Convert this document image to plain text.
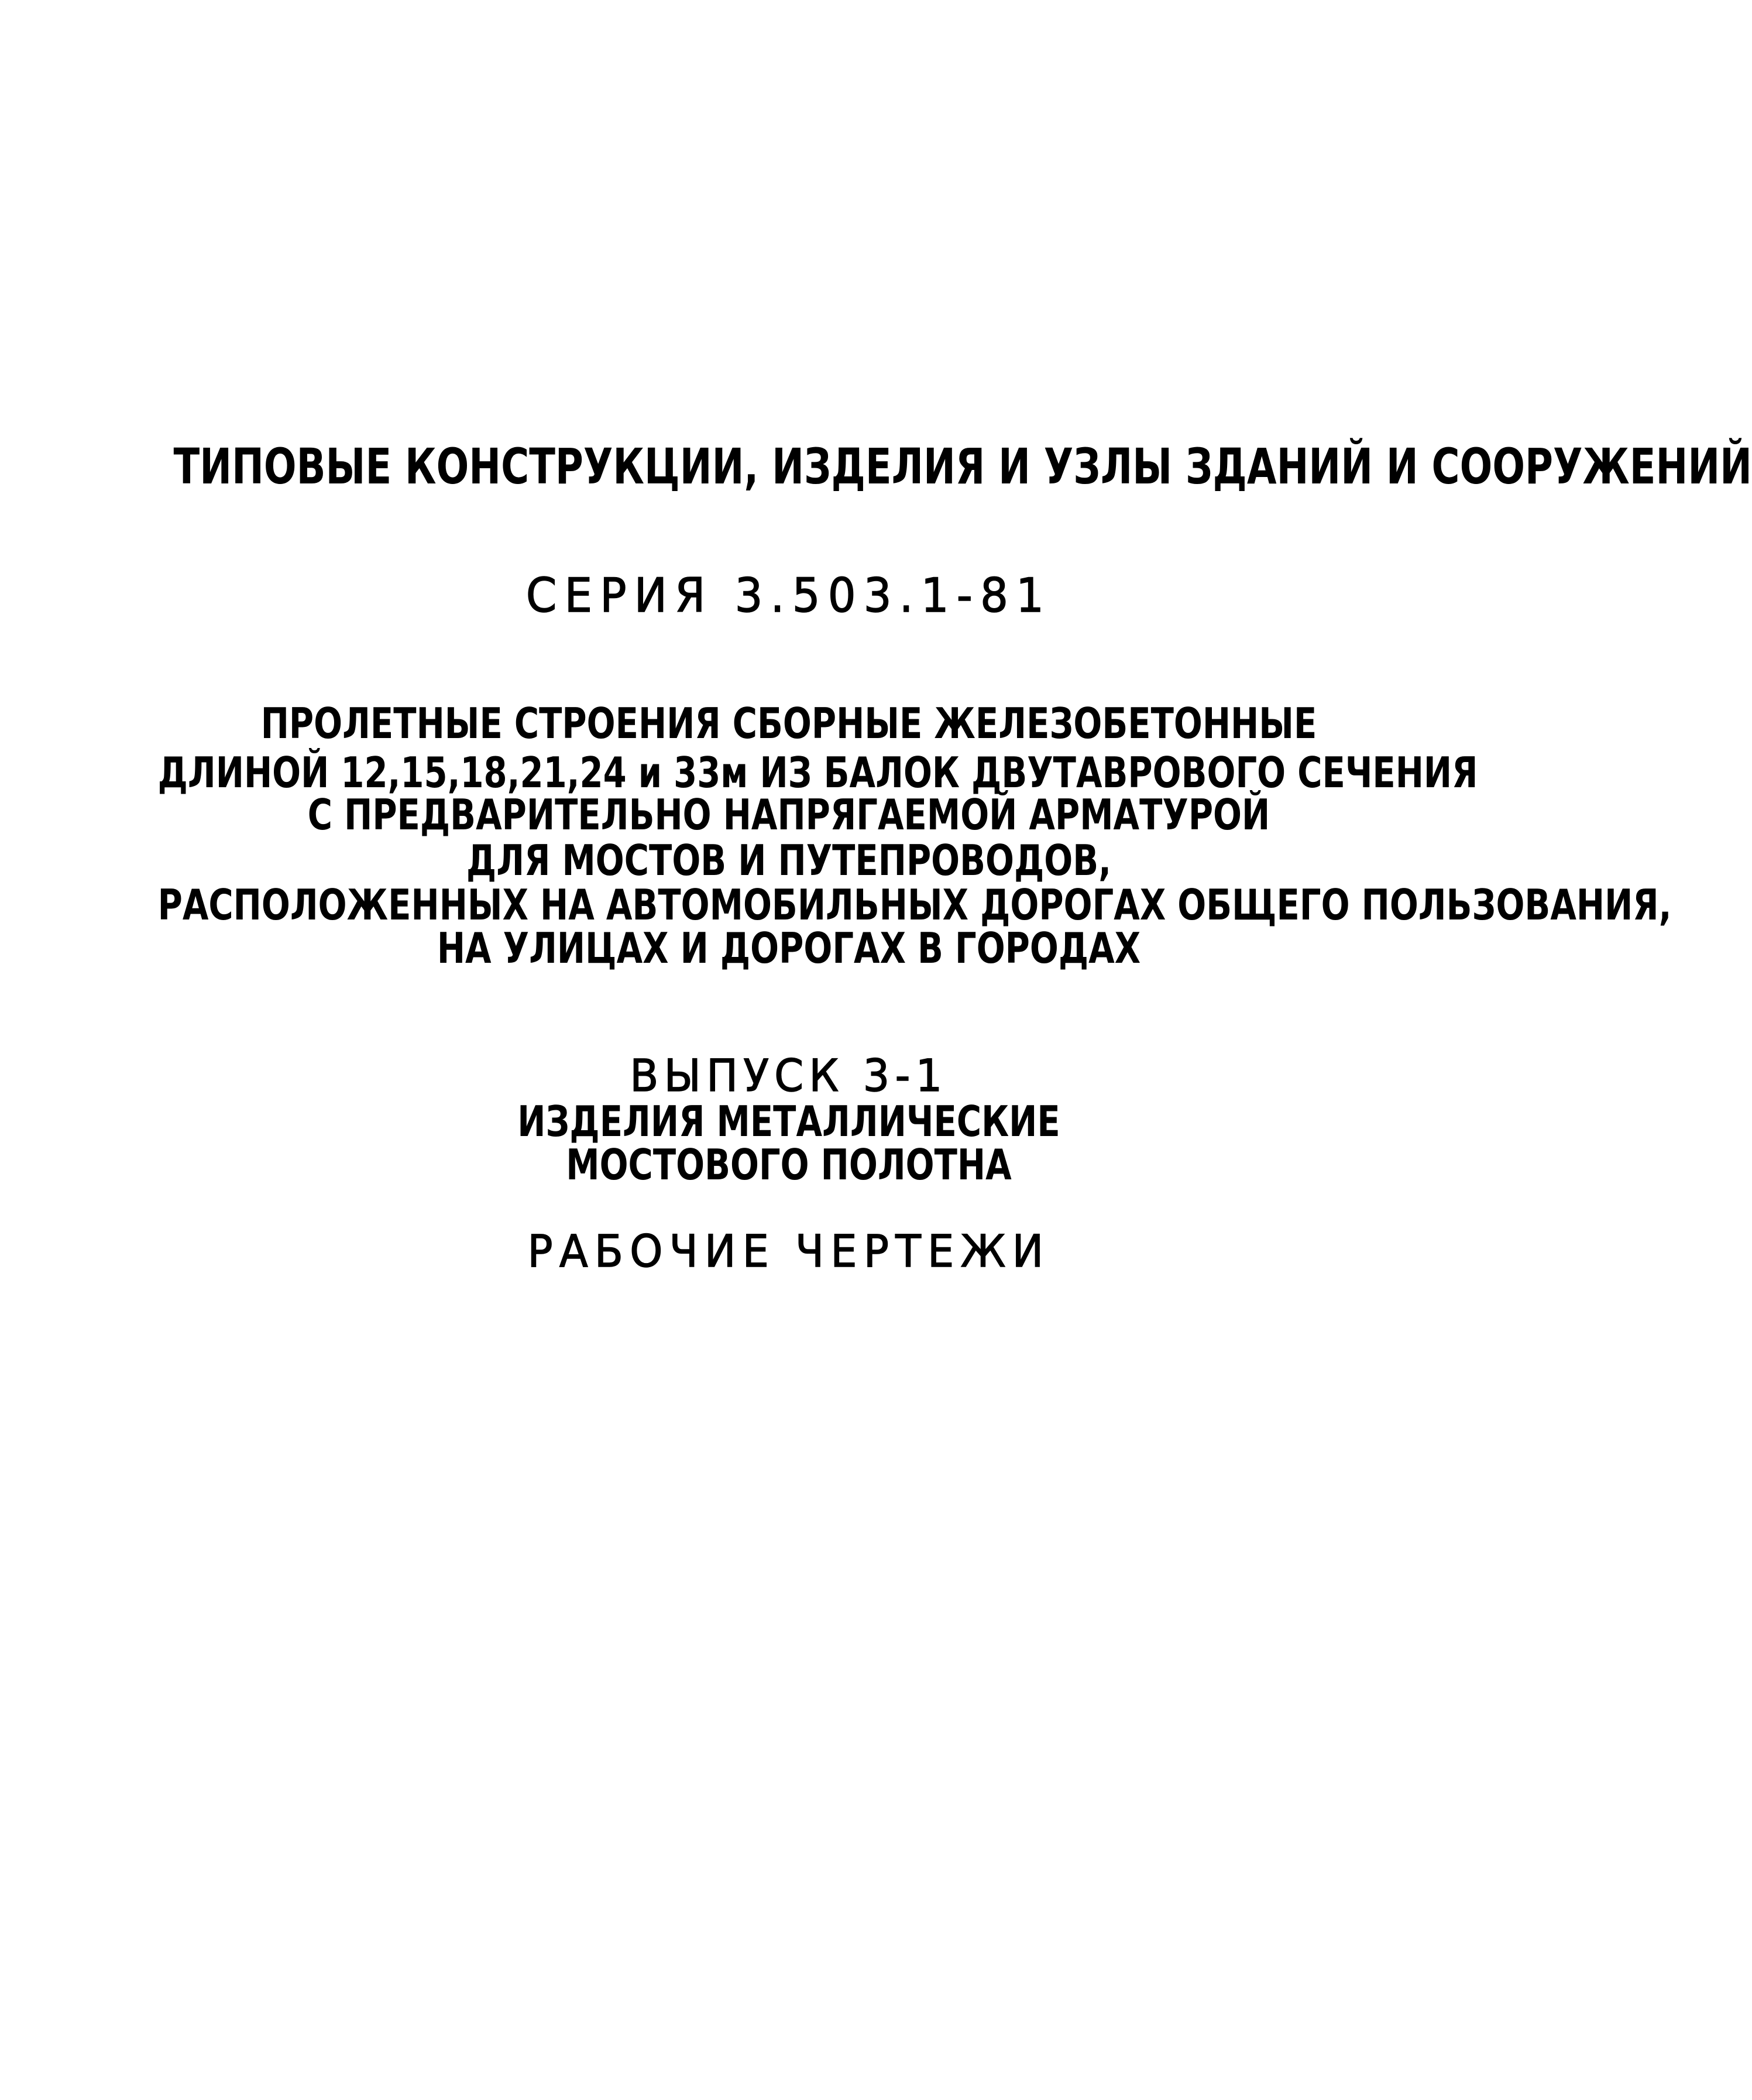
ТИПОВЫЕ КОНСТРУКЦИИ, ИЗДЕЛИЯ И УЗЛЫ ЗДАНИЙ И СООРУЖЕНИЙ
СЕРИЯ 3.503.1-81
ПРОЛЕТНЫЕ СТРОЕНИЯ СБОРНЫЕ ЖЕЛЕЗОБЕТОННЫЕ
ДЛИНОЙ 12,15,18,21,24 и 33м ИЗ БАЛОК ДВУТАВРОВОГО СЕЧЕНИЯ
С ПРЕДВАРИТЕЛЬНО НАПРЯГАЕМОЙ АРМАТУРОЙ
ДЛЯ МОСТОВ И ПУТЕПРОВОДОВ,
РАСПОЛОЖЕННЫХ НА АВТОМОБИЛЬНЫХ ДОРОГАХ ОБЩЕГО ПОЛЬЗОВАНИЯ,
НА УЛИЦАХ И ДОРОГАХ В ГОРОДАХ
ВЫПУСК 3-1
ИЗДЕЛИЯ МЕТАЛЛИЧЕСКИЕ
МОСТОВОГО ПОЛОТНА
РАБОЧИЕ ЧЕРТЕЖИ
